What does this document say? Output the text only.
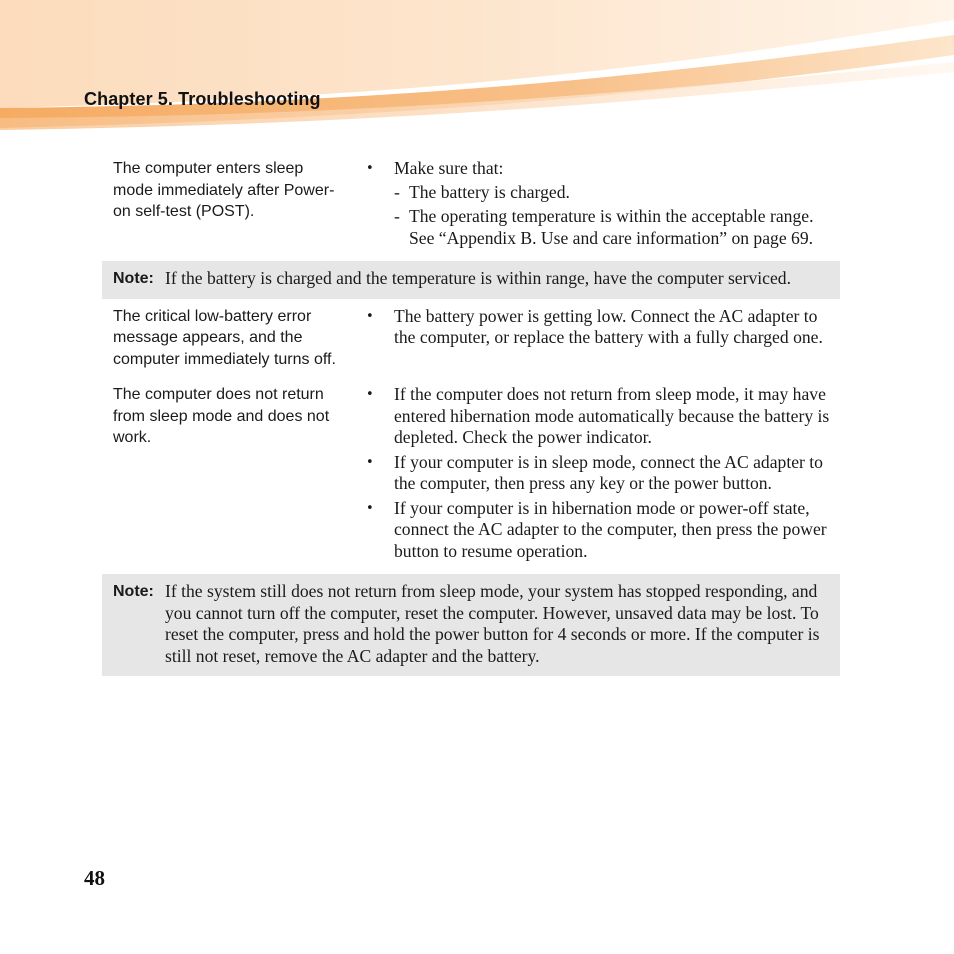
Chapter 5. Troubleshooting
The computer enters sleep mode immediately after Power-on self-test (POST).
• Make sure that:
- The battery is charged.
- The operating temperature is within the acceptable range. See “Appendix B. Use and care information” on page 69.
Note: If the battery is charged and the temperature is within range, have the computer serviced.
The critical low-battery error message appears, and the computer immediately turns off.
• The battery power is getting low. Connect the AC adapter to the computer, or replace the battery with a fully charged one.
The computer does not return from sleep mode and does not work.
• If the computer does not return from sleep mode, it may have entered hibernation mode automatically because the battery is depleted. Check the power indicator.
• If your computer is in sleep mode, connect the AC adapter to the computer, then press any key or the power button.
• If your computer is in hibernation mode or power-off state, connect the AC adapter to the computer, then press the power button to resume operation.
Note: If the system still does not return from sleep mode, your system has stopped responding, and you cannot turn off the computer, reset the computer. However, unsaved data may be lost. To reset the computer, press and hold the power button for 4 seconds or more. If the computer is still not reset, remove the AC adapter and the battery.
48
